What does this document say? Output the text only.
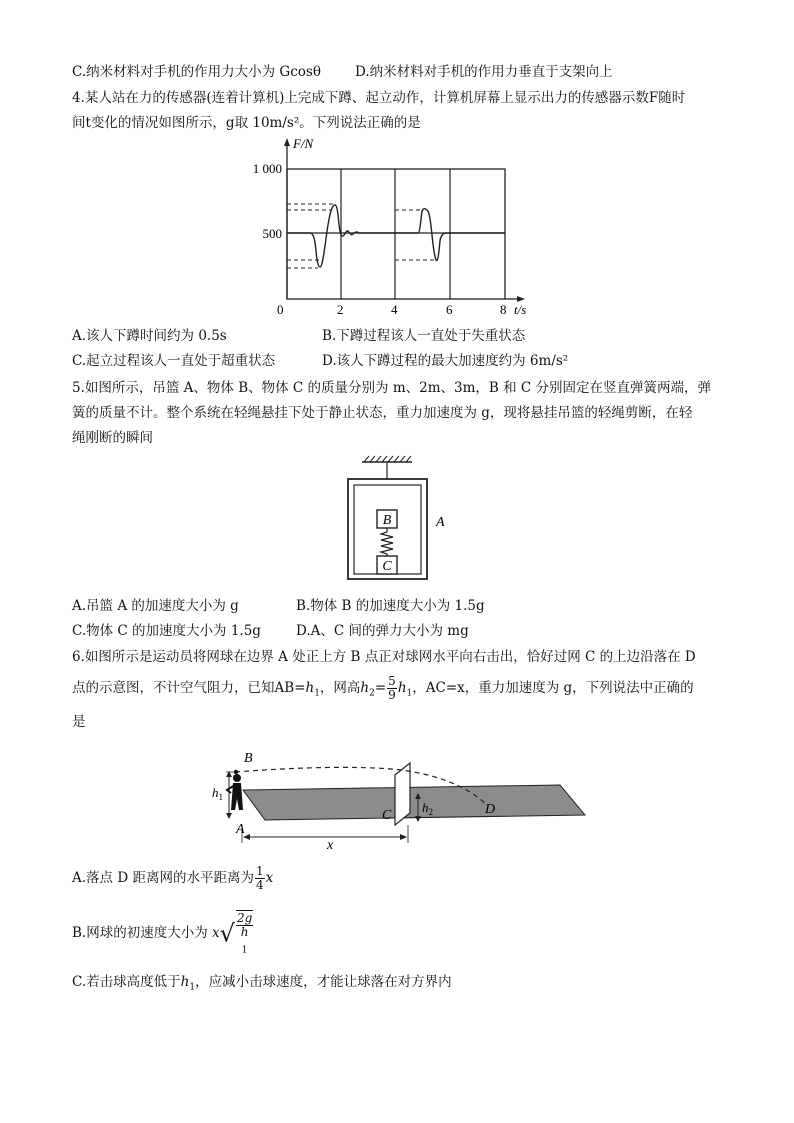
C.纳米材料对手机的作用力大小为 Gcosθ	D.纳米材料对手机的作用力垂直于支架向上
4.某人站在力的传感器(连着计算机)上完成下蹲、起立动作，计算机屏幕上显示出力的传感器示数F随时
间t变化的情况如图所示，g取 10m/s²。下列说法正确的是
F/N
1 000
500
0	2	4	6	8 t/s
A.该人下蹲时间约为 0.5s	B.下蹲过程该人一直处于失重状态
C.起立过程该人一直处于超重状态	D.该人下蹲过程的最大加速度约为 6m/s²
5.如图所示，吊篮 A、物体 B、物体 C 的质量分别为 m、2m、3m，B 和 C 分别固定在竖直弹簧两端，弹
簧的质量不计。整个系统在轻绳悬挂下处于静止状态，重力加速度为 g，现将悬挂吊篮的轻绳剪断，在轻
绳刚断的瞬间
B
C
A
A.吊篮 A 的加速度大小为 g	B.物体 B 的加速度大小为 1.5g
C.物体 C 的加速度大小为 1.5g	D.A、C 间的弹力大小为 mg
6.如图所示是运动员将网球在边界 A 处正上方 B 点正对球网水平向右击出，恰好过网 C 的上边沿落在 D
点的示意图，不计空气阻力，已知$AB=h_1$，网高$h_2= \frac{5}{9} h_1$，AC=x，重力加速度为 g，下列说法中正确的
是
B
A
C	D
x
$h_1$
$h_2$
A.落点 D 距离网的水平距离为 $\frac{1}{4}$ x
B.网球的初速度大小为 x√ 2g
h
$_1$
C.若击球高度低于$h_1$，应减小击球速度，才能让球落在对方界内
